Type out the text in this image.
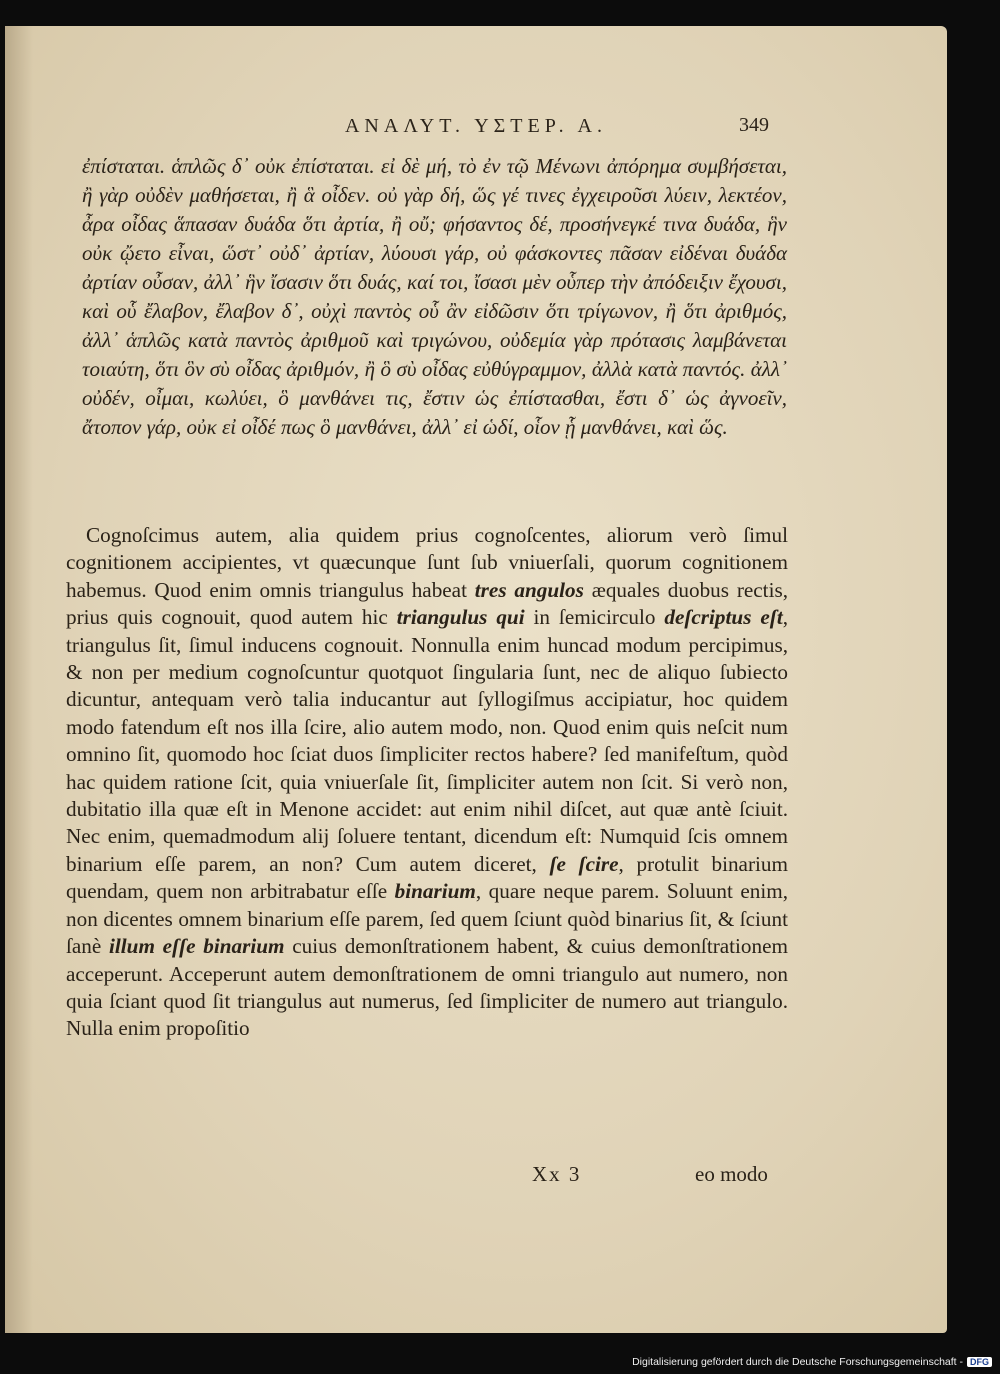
ΑΝΑΛΥΤ. ΥΣΤΕΡ. Α.	349

ἐπίσταται. ἁπλῶς δ᾽ οὐκ ἐπίσταται. εἰ δὲ μή, τὸ ἐν τῷ Μένωνι ἀπόρημα συμβήσεται, ἢ γὰρ οὐδὲν μαθήσεται, ἢ ἃ οἶδεν. οὐ γὰρ δή, ὥς γέ τινες ἐγχειροῦσι λύειν, λεκτέον, ἆρα οἶδας ἅπασαν δυάδα ὅτι ἀρτία, ἢ οὔ; φήσαντος δέ, προσήνεγκέ τινα δυάδα, ἣν οὐκ ᾤετο εἶναι, ὥστ᾽ οὐδ᾽ ἀρτίαν, λύουσι γάρ, οὐ φάσκοντες πᾶσαν εἰδέναι δυάδα ἀρτίαν οὖσαν, ἀλλ᾽ ἣν ἴσασιν ὅτι δυάς, καί τοι, ἴσασι μὲν οὗπερ τὴν ἀπόδειξιν ἔχουσι, καὶ οὗ ἔλαβον, ἔλαβον δ᾽, οὐχὶ παντὸς οὗ ἂν εἰδῶσιν ὅτι τρίγωνον, ἢ ὅτι ἀριθμός, ἀλλ᾽ ἁπλῶς κατὰ παντὸς ἀριθμοῦ καὶ τριγώνου, οὐδεμία γὰρ πρότασις λαμβάνεται τοιαύτη, ὅτι ὃν σὺ οἶδας ἀριθμόν, ἢ ὃ σὺ οἶδας εὐθύγραμμον, ἀλλὰ κατὰ παντός. ἀλλ᾽ οὐδέν, οἶμαι, κωλύει, ὃ μανθάνει τις, ἔστιν ὡς ἐπίστασθαι, ἔστι δ᾽ ὡς ἀγνοεῖν, ἄτοπον γάρ, οὐκ εἰ οἶδέ πως ὃ μανθάνει, ἀλλ᾽ εἰ ὡδί, οἷον ᾗ μανθάνει, καὶ ὥς.

Cognoſcimus autem, alia quidem prius cognoſcentes, aliorum verò ſimul cognitionem accipientes, vt quæcunque ſunt ſub vniuerſali, quorum cognitionem habemus. Quod enim omnis triangulus habeat tres angulos æquales duobus rectis, prius quis cognouit, quod autem hic triangulus qui in ſemicirculo deſcriptus eſt, triangulus ſit, ſimul inducens cognouit. Nonnulla enim huncad modum percipimus, & non per medium cognoſcuntur quotquot ſingularia ſunt, nec de aliquo ſubiecto dicuntur, antequam verò talia inducantur aut ſyllogiſmus accipiatur, hoc quidem modo fatendum eſt nos illa ſcire, alio autem modo, non. Quod enim quis neſcit num omnino ſit, quomodo hoc ſciat duos ſimpliciter rectos habere? ſed manifeſtum, quòd hac quidem ratione ſcit, quia vniuerſale ſit, ſimpliciter autem non ſcit. Si verò non, dubitatio illa quæ eſt in Menone accidet: aut enim nihil diſcet, aut quæ antè ſciuit. Nec enim, quemadmodum alij ſoluere tentant, dicendum eſt: Numquid ſcis omnem binarium eſſe parem, an non? Cum autem diceret, ſe ſcire, protulit binarium quendam, quem non arbitrabatur eſſe binarium, quare neque parem. Soluunt enim, non dicentes omnem binarium eſſe parem, ſed quem ſciunt quòd binarius ſit, & ſciunt ſanè illum eſſe binarium cuius demonſtrationem habent, & cuius demonſtrationem acceperunt. Acceperunt autem demonſtrationem de omni triangulo aut numero, non quia ſciant quod ſit triangulus aut numerus, ſed ſimpliciter de numero aut triangulo. Nulla enim propoſitio

Xx 3	eo modo
Digitalisierung gefördert durch die Deutsche Forschungsgemeinschaft - DFG
